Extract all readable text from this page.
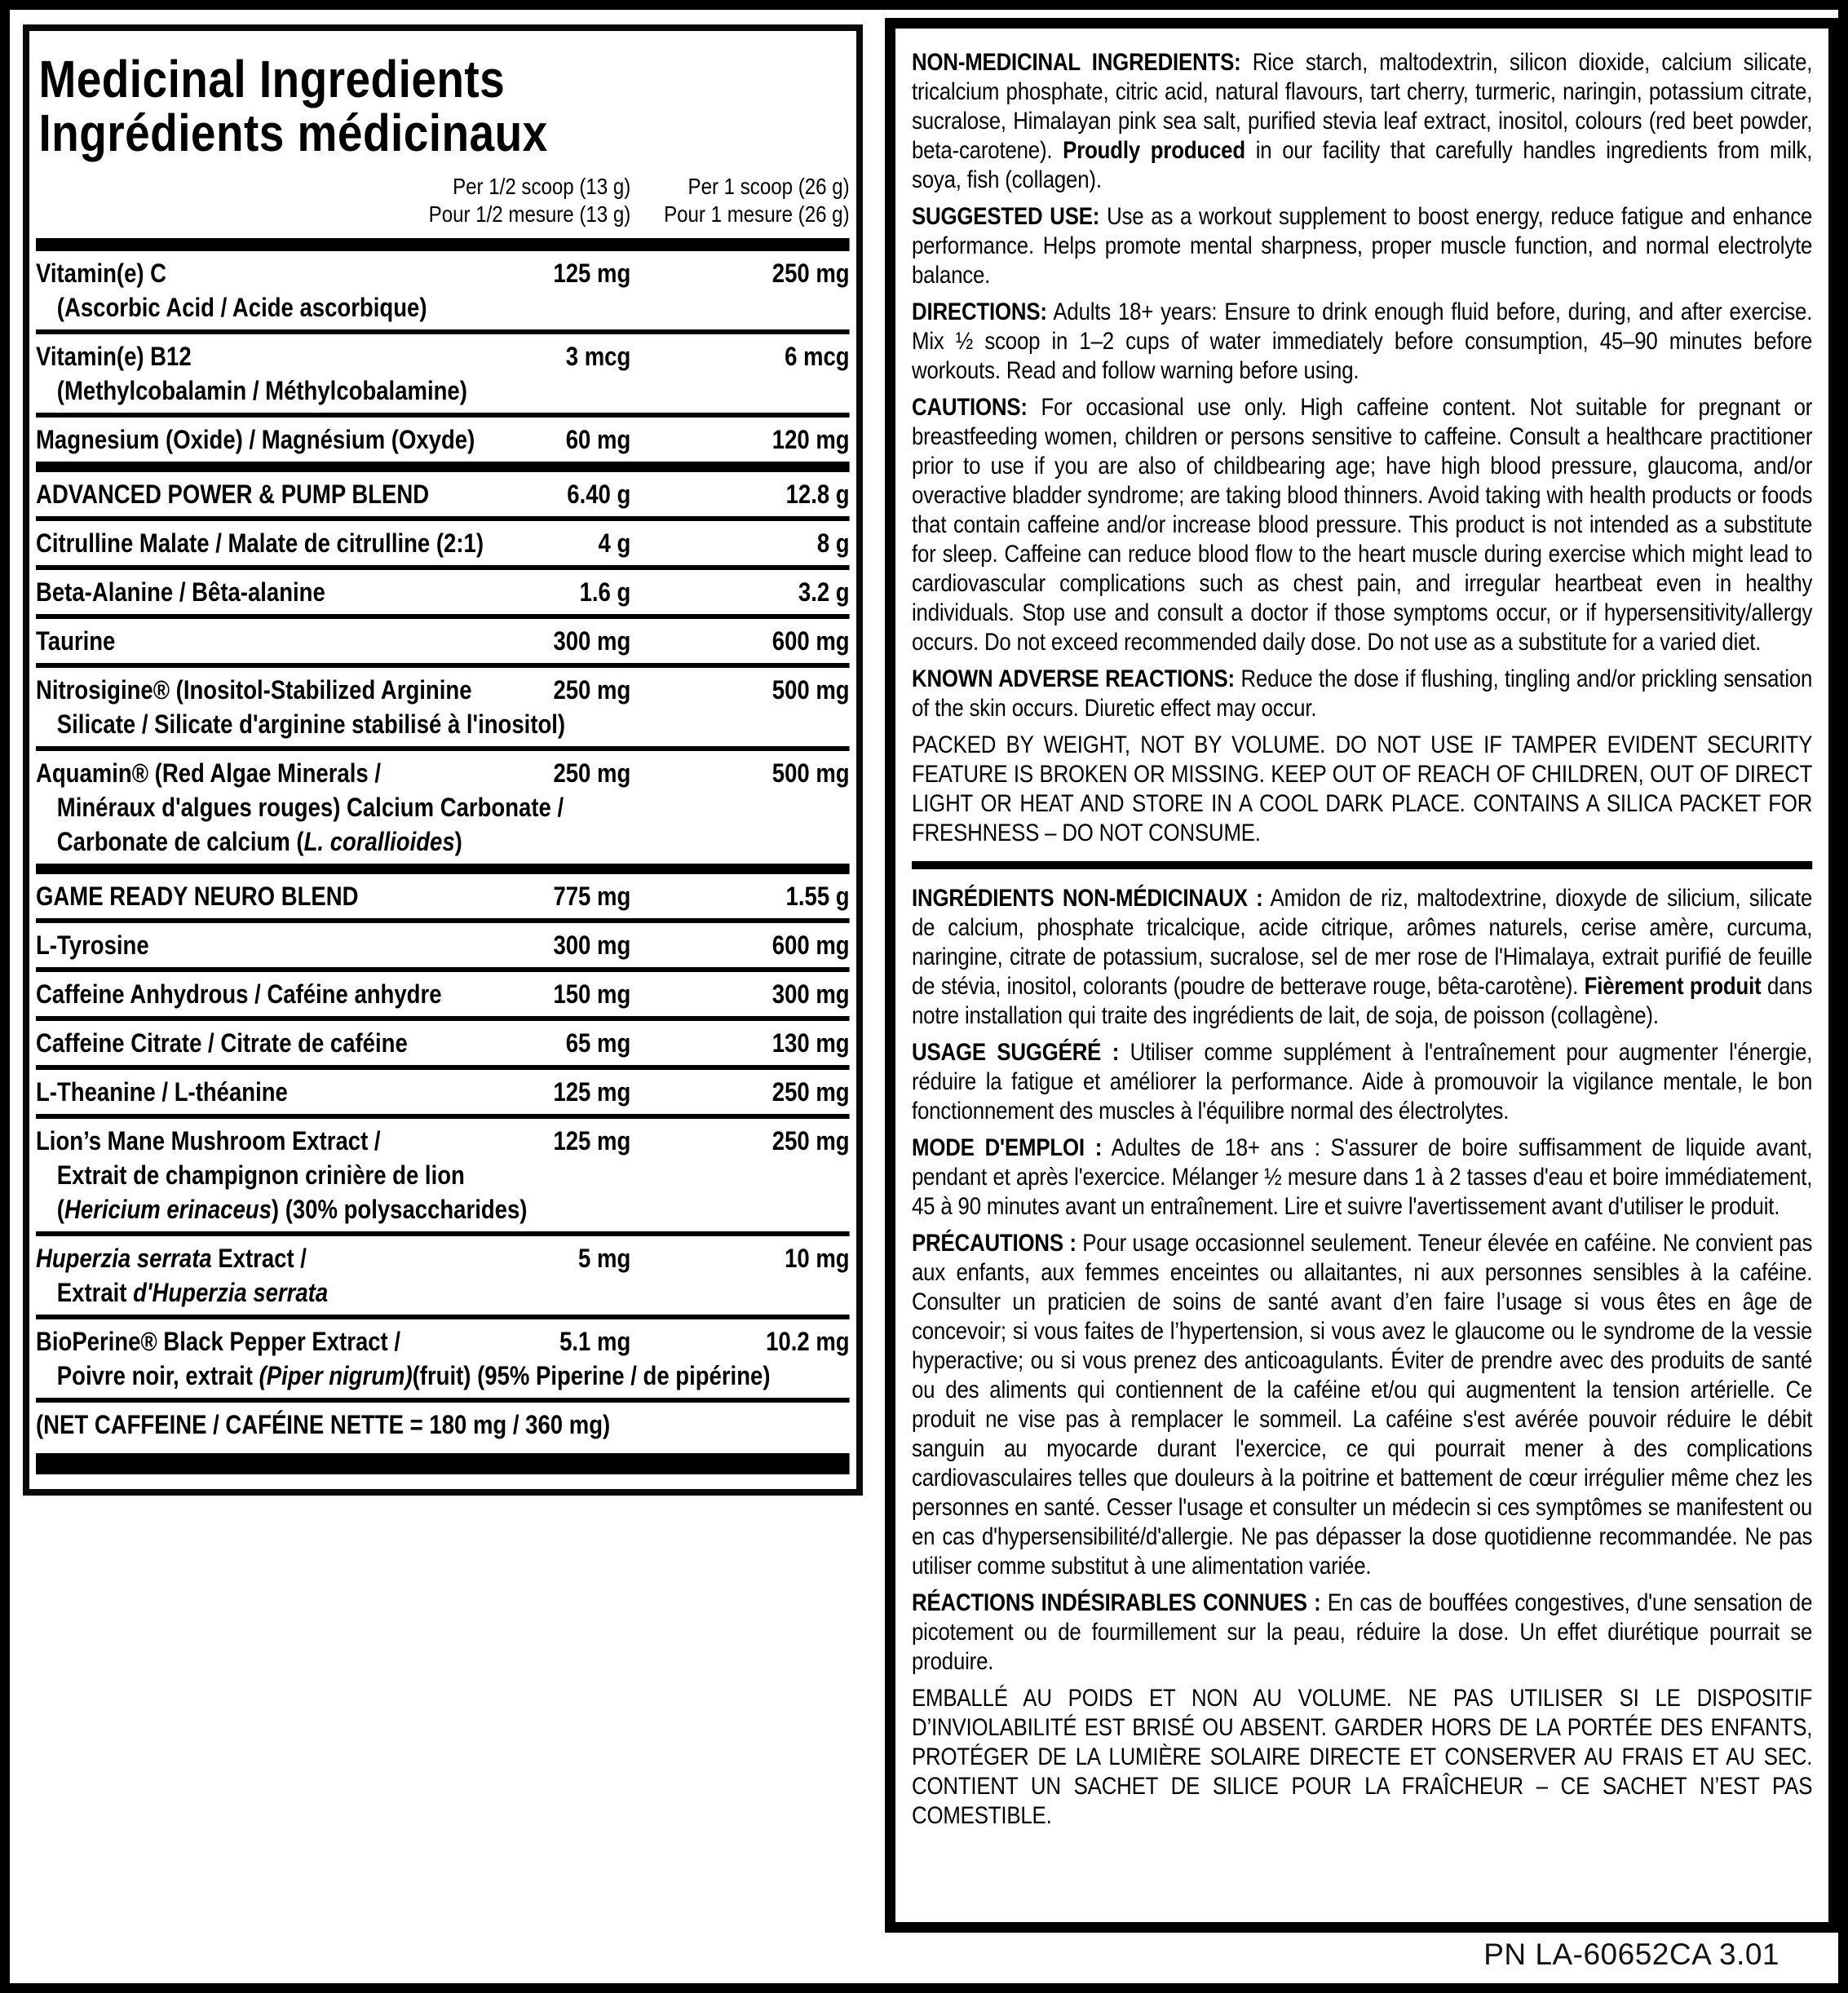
Medicinal Ingredients
Ingrédients médicinaux
Per 1/2 scoop (13 g)
Pour 1/2 mesure (13 g)
Per 1 scoop (26 g)
Pour 1 mesure (26 g)
Vitamin(e) C
(Ascorbic Acid / Acide ascorbique)
125 mg	250 mg
Vitamin(e) B12
(Methylcobalamin / Méthylcobalamine)
3 mcg	6 mcg
Magnesium (Oxide) / Magnésium (Oxyde)	60 mg	120 mg
ADVANCED POWER & PUMP BLEND	6.40 g	12.8 g
Citrulline Malate / Malate de citrulline (2:1)	4 g	8 g
Beta-Alanine / Bêta-alanine	1.6 g	3.2 g
Taurine	300 mg	600 mg
Nitrosigine® (Inositol-Stabilized Arginine
Silicate / Silicate d'arginine stabilisé à l'inositol)
250 mg	500 mg
Aquamin® (Red Algae Minerals /
Minéraux d'algues rouges) Calcium Carbonate /
Carbonate de calcium (L. corallioides)
250 mg	500 mg
GAME READY NEURO BLEND	775 mg	1.55 g
L-Tyrosine	300 mg	600 mg
Caffeine Anhydrous / Caféine anhydre	150 mg	300 mg
Caffeine Citrate / Citrate de caféine	65 mg	130 mg
L-Theanine / L-théanine	125 mg	250 mg
Lion’s Mane Mushroom Extract /
Extrait de champignon crinière de lion
(Hericium erinaceus) (30% polysaccharides)
125 mg	250 mg
Huperzia serrata Extract /
Extrait d'Huperzia serrata
5 mg	10 mg
BioPerine® Black Pepper Extract /
Poivre noir, extrait (Piper nigrum)(fruit) (95% Piperine / de pipérine)
5.1 mg	10.2 mg
(NET CAFFEINE / CAFÉINE NETTE = 180 mg / 360 mg)

NON-MEDICINAL INGREDIENTS: Rice starch, maltodextrin, silicon dioxide, calcium silicate, tricalcium phosphate, citric acid, natural flavours, tart cherry, turmeric, naringin, potassium citrate, sucralose, Himalayan pink sea salt, purified stevia leaf extract, inositol, colours (red beet powder, beta-carotene). Proudly produced in our facility that carefully handles ingredients from milk, soya, fish (collagen).

SUGGESTED USE: Use as a workout supplement to boost energy, reduce fatigue and enhance performance. Helps promote mental sharpness, proper muscle function, and normal electrolyte balance.

DIRECTIONS: Adults 18+ years: Ensure to drink enough fluid before, during, and after exercise. Mix ½ scoop in 1–2 cups of water immediately before consumption, 45–90 minutes before workouts. Read and follow warning before using.

CAUTIONS: For occasional use only. High caffeine content. Not suitable for pregnant or breastfeeding women, children or persons sensitive to caffeine. Consult a healthcare practitioner prior to use if you are also of childbearing age; have high blood pressure, glaucoma, and/or overactive bladder syndrome; are taking blood thinners. Avoid taking with health products or foods that contain caffeine and/or increase blood pressure. This product is not intended as a substitute for sleep. Caffeine can reduce blood flow to the heart muscle during exercise which might lead to cardiovascular complications such as chest pain, and irregular heartbeat even in healthy individuals. Stop use and consult a doctor if those symptoms occur, or if hypersensitivity/allergy occurs. Do not exceed recommended daily dose. Do not use as a substitute for a varied diet.

KNOWN ADVERSE REACTIONS: Reduce the dose if flushing, tingling and/or prickling sensation of the skin occurs. Diuretic effect may occur.

PACKED BY WEIGHT, NOT BY VOLUME. DO NOT USE IF TAMPER EVIDENT SECURITY FEATURE IS BROKEN OR MISSING. KEEP OUT OF REACH OF CHILDREN, OUT OF DIRECT LIGHT OR HEAT AND STORE IN A COOL DARK PLACE. CONTAINS A SILICA PACKET FOR FRESHNESS – DO NOT CONSUME.

INGRÉDIENTS NON-MÉDICINAUX : Amidon de riz, maltodextrine, dioxyde de silicium, silicate de calcium, phosphate tricalcique, acide citrique, arômes naturels, cerise amère, curcuma, naringine, citrate de potassium, sucralose, sel de mer rose de l'Himalaya, extrait purifié de feuille de stévia, inositol, colorants (poudre de betterave rouge, bêta-carotène). Fièrement produit dans notre installation qui traite des ingrédients de lait, de soja, de poisson (collagène).

USAGE SUGGÉRÉ : Utiliser comme supplément à l'entraînement pour augmenter l'énergie, réduire la fatigue et améliorer la performance. Aide à promouvoir la vigilance mentale, le bon fonctionnement des muscles à l'équilibre normal des électrolytes.

MODE D'EMPLOI : Adultes de 18+ ans : S'assurer de boire suffisamment de liquide avant, pendant et après l'exercice. Mélanger ½ mesure dans 1 à 2 tasses d'eau et boire immédiatement, 45 à 90 minutes avant un entraînement. Lire et suivre l'avertissement avant d'utiliser le produit.

PRÉCAUTIONS : Pour usage occasionnel seulement. Teneur élevée en caféine. Ne convient pas aux enfants, aux femmes enceintes ou allaitantes, ni aux personnes sensibles à la caféine. Consulter un praticien de soins de santé avant d’en faire l’usage si vous êtes en âge de concevoir; si vous faites de l’hypertension, si vous avez le glaucome ou le syndrome de la vessie hyperactive; ou si vous prenez des anticoagulants. Éviter de prendre avec des produits de santé ou des aliments qui contiennent de la caféine et/ou qui augmentent la tension artérielle. Ce produit ne vise pas à remplacer le sommeil. La caféine s'est avérée pouvoir réduire le débit sanguin au myocarde durant l'exercice, ce qui pourrait mener à des complications cardiovasculaires telles que douleurs à la poitrine et battement de cœur irrégulier même chez les personnes en santé. Cesser l'usage et consulter un médecin si ces symptômes se manifestent ou en cas d'hypersensibilité/d'allergie. Ne pas dépasser la dose quotidienne recommandée. Ne pas utiliser comme substitut à une alimentation variée.

RÉACTIONS INDÉSIRABLES CONNUES : En cas de bouffées congestives, d'une sensation de picotement ou de fourmillement sur la peau, réduire la dose. Un effet diurétique pourrait se produire.

EMBALLÉ AU POIDS ET NON AU VOLUME. NE PAS UTILISER SI LE DISPOSITIF D’INVIOLABILITÉ EST BRISÉ OU ABSENT. GARDER HORS DE LA PORTÉE DES ENFANTS, PROTÉGER DE LA LUMIÈRE SOLAIRE DIRECTE ET CONSERVER AU FRAIS ET AU SEC. CONTIENT UN SACHET DE SILICE POUR LA FRAÎCHEUR – CE SACHET N’EST PAS COMESTIBLE.

PN LA-60652CA 3.01
